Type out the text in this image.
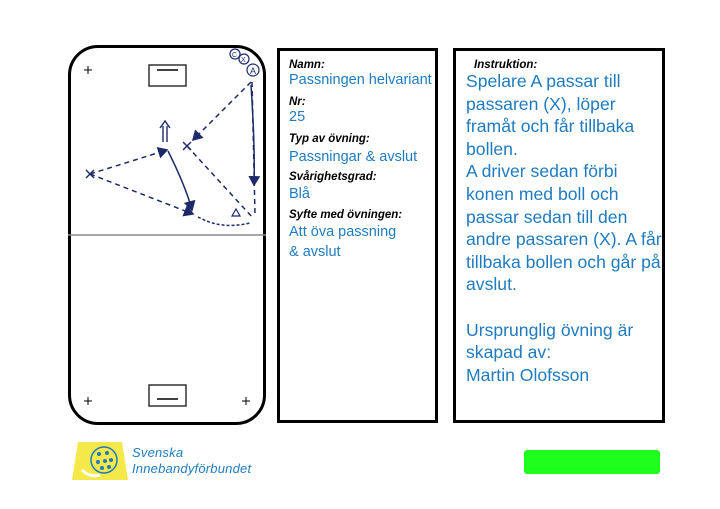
A
C
X	Namn:
Passningen helvariant
Nr:
25
Typ av övning:
Passningar & avslut
Svårighetsgrad:
Blå
Syfte med övningen:
Att öva passning
& avslut
Instruktion:

Spelare A passar till passaren (X), löper framåt och får tillbaka bollen.

A driver sedan förbi konen med boll och passar sedan till den andre passaren (X). A får tillbaka bollen och går på avslut.

Ursprunglig övning är skapad av:

Martin Olofsson

Svenska
Innebandyförbundet
